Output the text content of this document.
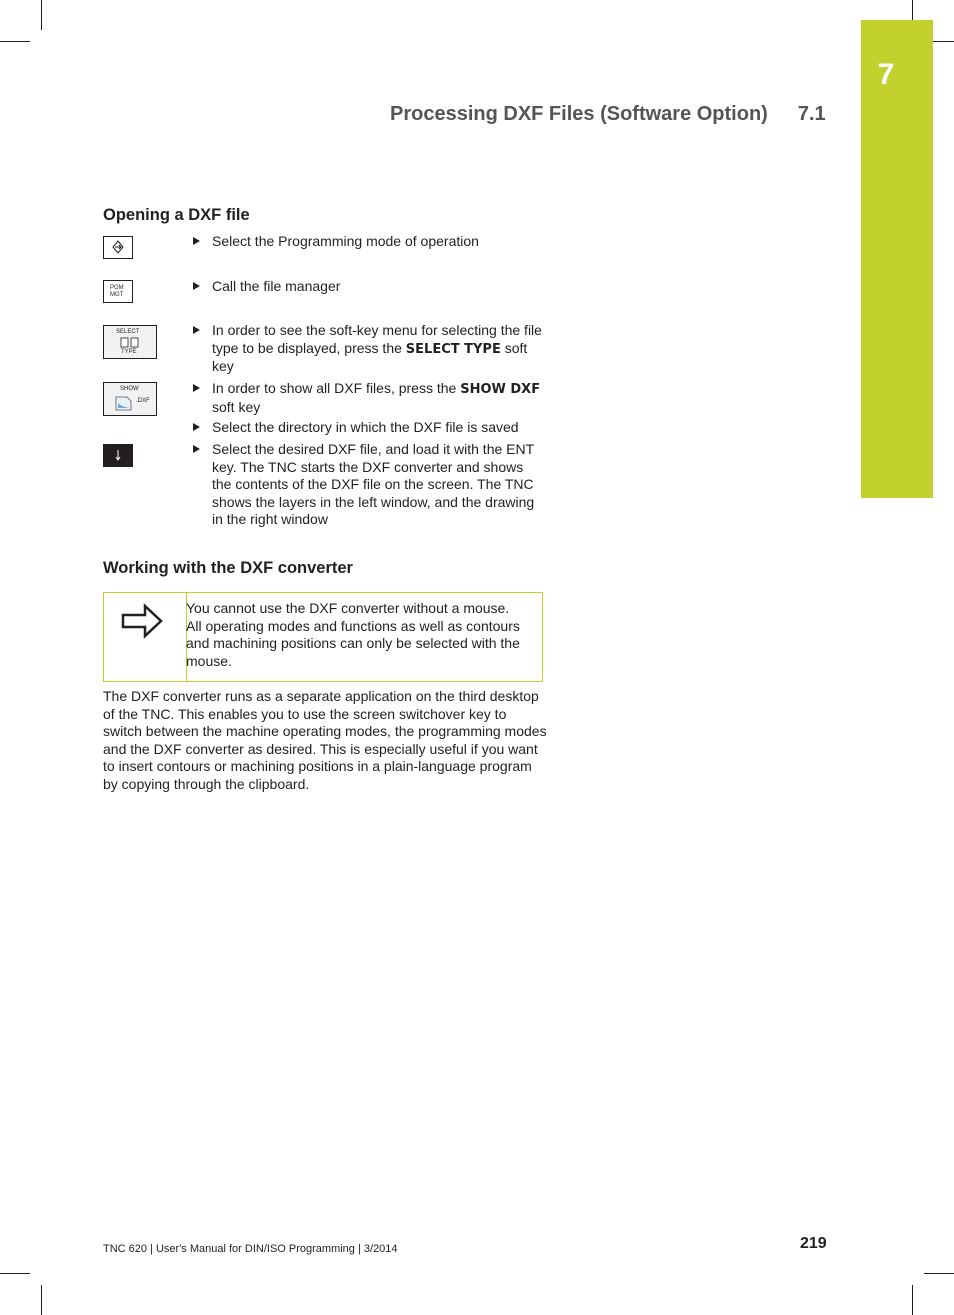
7
Processing DXF Files (Software Option) 7.1
Opening a DXF file
PGM
MGT
SELECT
TYPE
SHOW
.DXF
Select the Programming mode of operation
Call the file manager
In order to see the soft-key menu for selecting the file type to be displayed, press the SELECT TYPE soft key
In order to show all DXF files, press the SHOW DXF soft key
Select the directory in which the DXF file is saved
Select the desired DXF file, and load it with the ENT key. The TNC starts the DXF converter and shows the contents of the DXF file on the screen. The TNC shows the layers in the left window, and the drawing in the right window
Working with the DXF converter
You cannot use the DXF converter without a mouse. All operating modes and functions as well as contours and machining positions can only be selected with the mouse.
The DXF converter runs as a separate application on the third desktop of the TNC. This enables you to use the screen switchover key to switch between the machine operating modes, the programming modes and the DXF converter as desired. This is especially useful if you want to insert contours or machining positions in a plain-language program by copying through the clipboard.
TNC 620 | User's Manual for DIN/ISO Programming | 3/2014	219
